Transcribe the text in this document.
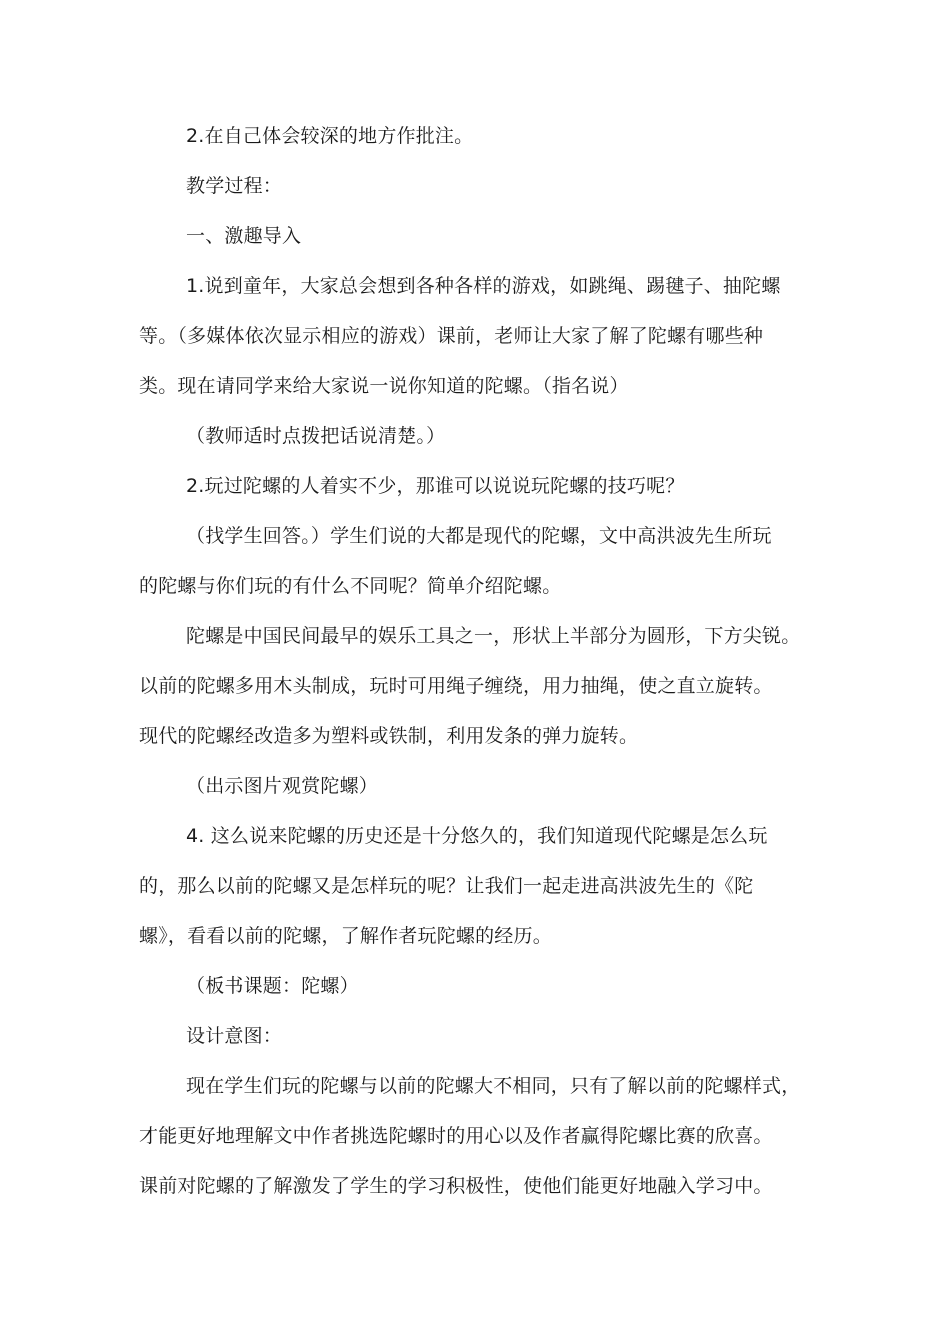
2.在自己体会较深的地方作批注。
教学过程：
一、激趣导入
1.说到童年，大家总会想到各种各样的游戏，如跳绳、踢毽子、抽陀螺
等。（多媒体依次显示相应的游戏）课前，老师让大家了解了陀螺有哪些种
类。现在请同学来给大家说一说你知道的陀螺。（指名说）
（教师适时点拨把话说清楚。）
2.玩过陀螺的人着实不少，那谁可以说说玩陀螺的技巧呢？
（找学生回答。）学生们说的大都是现代的陀螺，文中高洪波先生所玩
的陀螺与你们玩的有什么不同呢？简单介绍陀螺。
陀螺是中国民间最早的娱乐工具之一，形状上半部分为圆形，下方尖锐。
以前的陀螺多用木头制成，玩时可用绳子缠绕，用力抽绳，使之直立旋转。
现代的陀螺经改造多为塑料或铁制，利用发条的弹力旋转。
（出示图片观赏陀螺）
4. 这么说来陀螺的历史还是十分悠久的，我们知道现代陀螺是怎么玩
的，那么以前的陀螺又是怎样玩的呢？让我们一起走进高洪波先生的《陀
螺》，看看以前的陀螺，了解作者玩陀螺的经历。
（板书课题：陀螺）
设计意图：
现在学生们玩的陀螺与以前的陀螺大不相同，只有了解以前的陀螺样式，
才能更好地理解文中作者挑选陀螺时的用心以及作者赢得陀螺比赛的欣喜。
课前对陀螺的了解激发了学生的学习积极性，使他们能更好地融入学习中。
